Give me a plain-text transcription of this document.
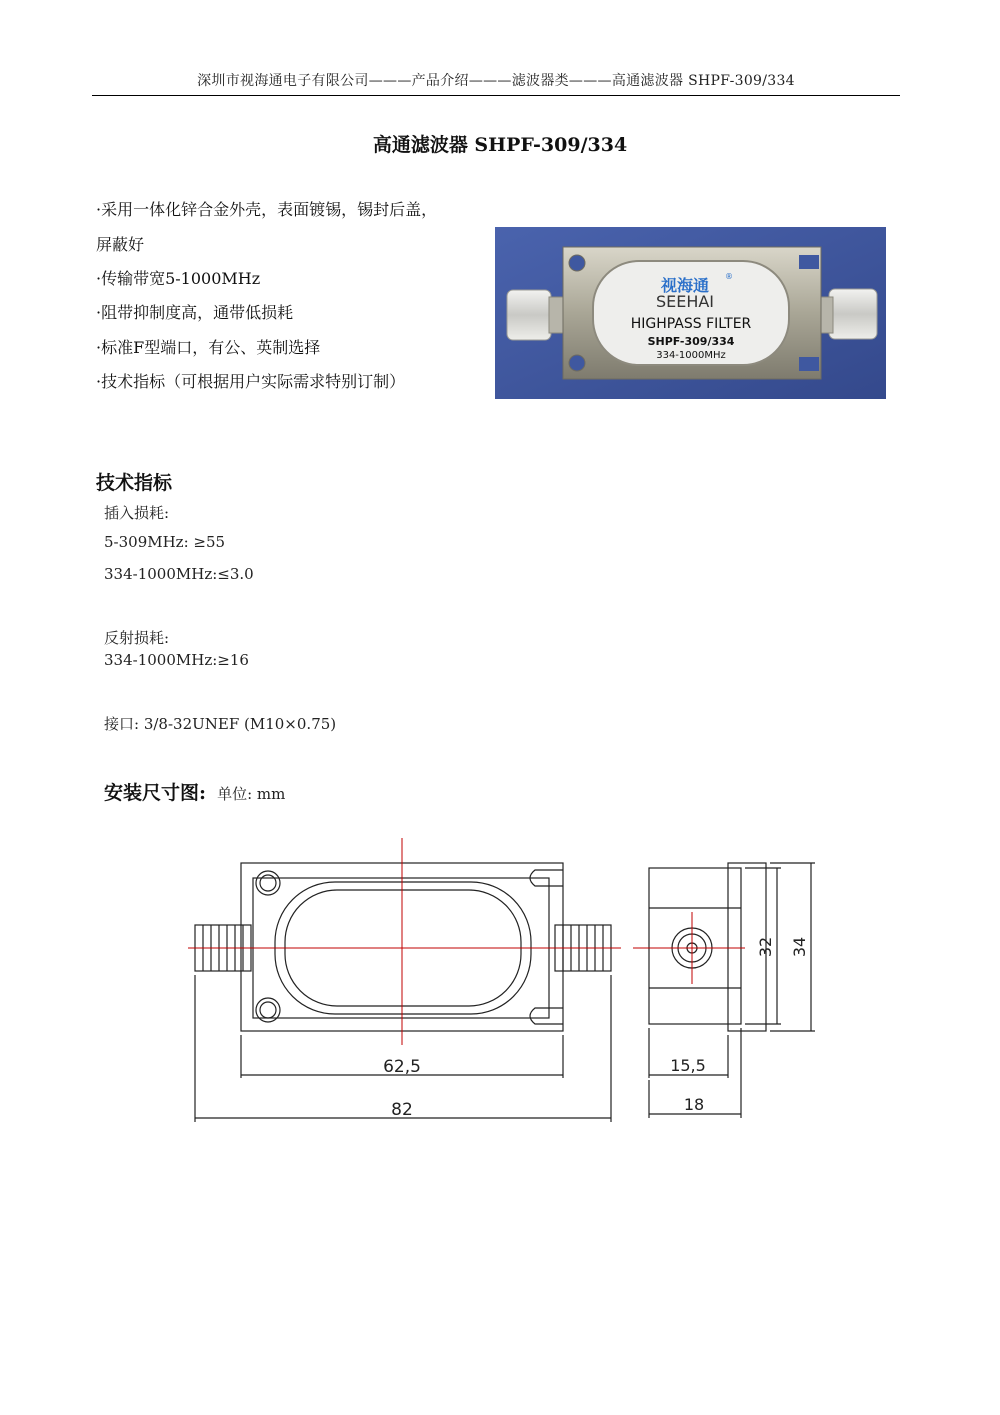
深圳市视海通电子有限公司———产品介绍———滤波器类———高通滤波器 SHPF-309/334
高通滤波器 SHPF-309/334
·采用一体化锌合金外壳，表面镀锡，锡封后盖，
屏蔽好
·传输带宽5-1000MHz
·阻带抑制度高，通带低损耗
·标准F型端口，有公、英制选择
·技术指标（可根据用户实际需求特别订制）
视海通 ®
SEEHAI
HIGHPASS FILTER
SHPF-309/334
334-1000MHz
技术指标
插入损耗:
5-309MHz: ≥55
334-1000MHz:≤3.0
反射损耗:
334-1000MHz:≥16
接口: 3/8-32UNEF (M10×0.75)
安装尺寸图: 单位: mm
62,5
82
15,5
18
32 34
